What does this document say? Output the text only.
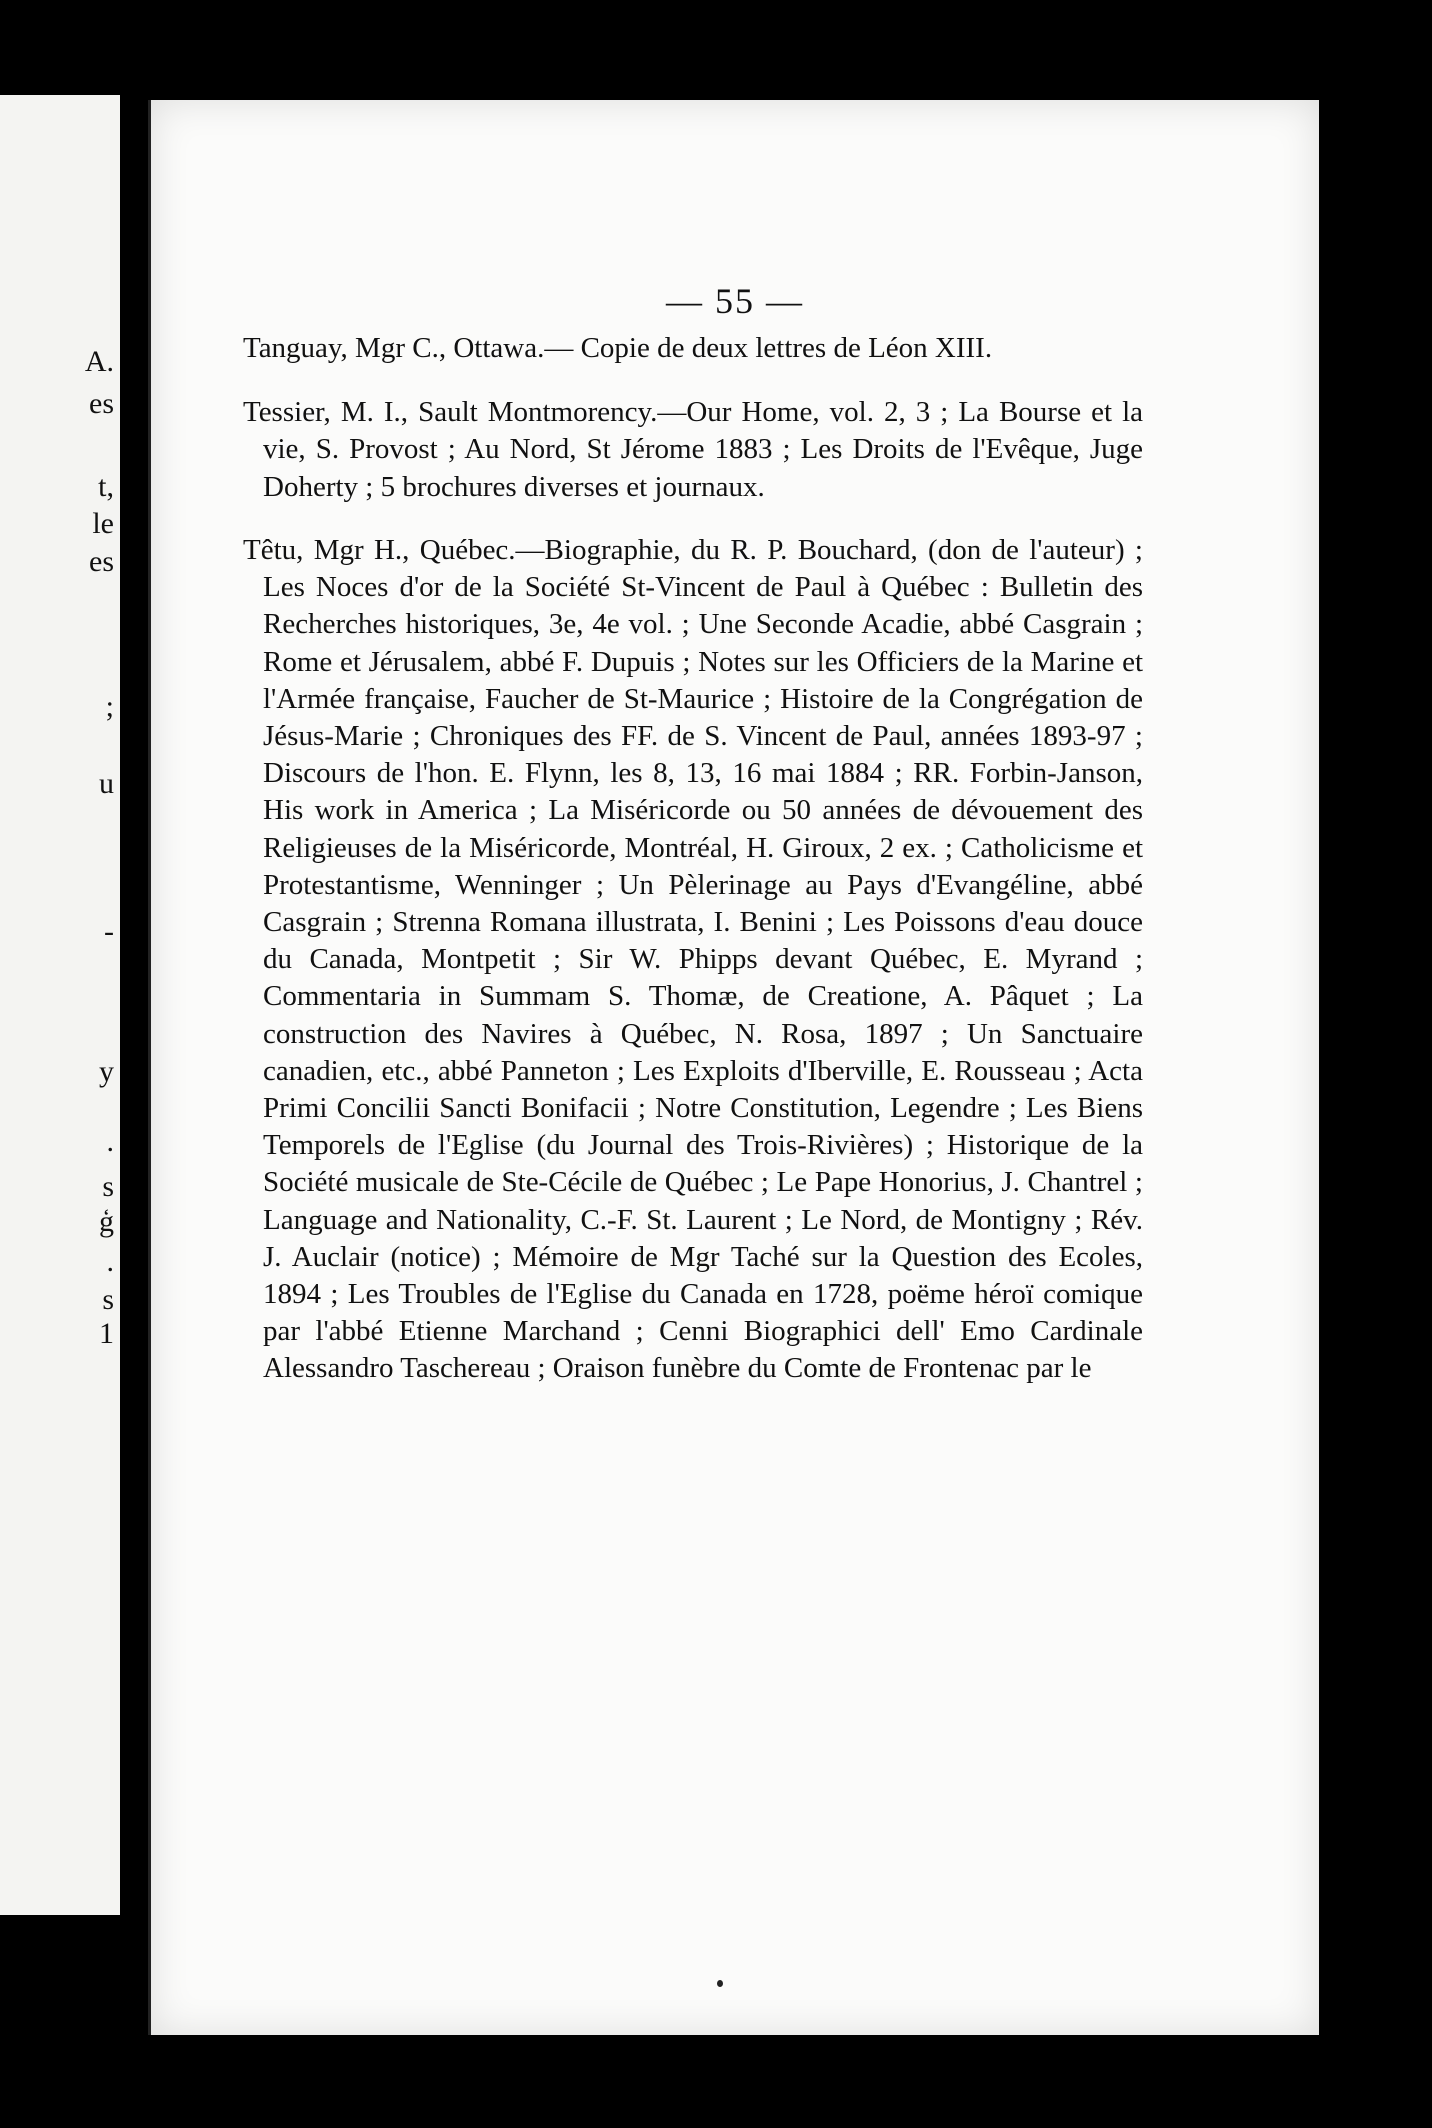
A.
es
t,
le
es
;
u
-
y
.
s
ģ
.
s
1
— 55 —

Tanguay, Mgr C., Ottawa.— Copie de deux lettres de Léon XIII.

Tessier, M. I., Sault Montmorency.—Our Home, vol. 2, 3 ; La Bourse et la vie, S. Provost ; Au Nord, St Jérome 1883 ; Les Droits de l'Evêque, Juge Doherty ; 5 brochures diverses et journaux.

Têtu, Mgr H., Québec.—Biographie, du R. P. Bouchard, (don de l'auteur) ; Les Noces d'or de la Société St-Vincent de Paul à Québec : Bulletin des Recherches historiques, 3e, 4e vol. ; Une Seconde Acadie, abbé Casgrain ; Rome et Jérusalem, abbé F. Dupuis ; Notes sur les Officiers de la Marine et l'Armée française, Faucher de St-Maurice ; Histoire de la Congrégation de Jésus-Marie ; Chroniques des FF. de S. Vincent de Paul, années 1893-97 ; Discours de l'hon. E. Flynn, les 8, 13, 16 mai 1884 ; RR. Forbin-Janson, His work in America ; La Miséricorde ou 50 années de dévouement des Religieuses de la Miséricorde, Montréal, H. Giroux, 2 ex. ; Catholicisme et Protestantisme, Wenninger ; Un Pèlerinage au Pays d'Evangéline, abbé Casgrain ; Strenna Romana illustrata, I. Benini ; Les Poissons d'eau douce du Canada, Montpetit ; Sir W. Phipps devant Québec, E. Myrand ; Commentaria in Summam S. Thomæ, de Creatione, A. Pâquet ; La construction des Navires à Québec, N. Rosa, 1897 ; Un Sanctuaire canadien, etc., abbé Panneton ; Les Exploits d'Iberville, E. Rousseau ; Acta Primi Concilii Sancti Bonifacii ; Notre Constitution, Legendre ; Les Biens Temporels de l'Eglise (du Journal des Trois-Rivières) ; Historique de la Société musicale de Ste-Cécile de Québec ; Le Pape Honorius, J. Chantrel ; Language and Nationality, C.-F. St. Laurent ; Le Nord, de Montigny ; Rév. J. Auclair (notice) ; Mémoire de Mgr Taché sur la Question des Ecoles, 1894 ; Les Troubles de l'Eglise du Canada en 1728, poëme héroï comique par l'abbé Etienne Marchand ; Cenni Biographici dell' Emo Cardinale Alessandro Taschereau ; Oraison funèbre du Comte de Frontenac par le
